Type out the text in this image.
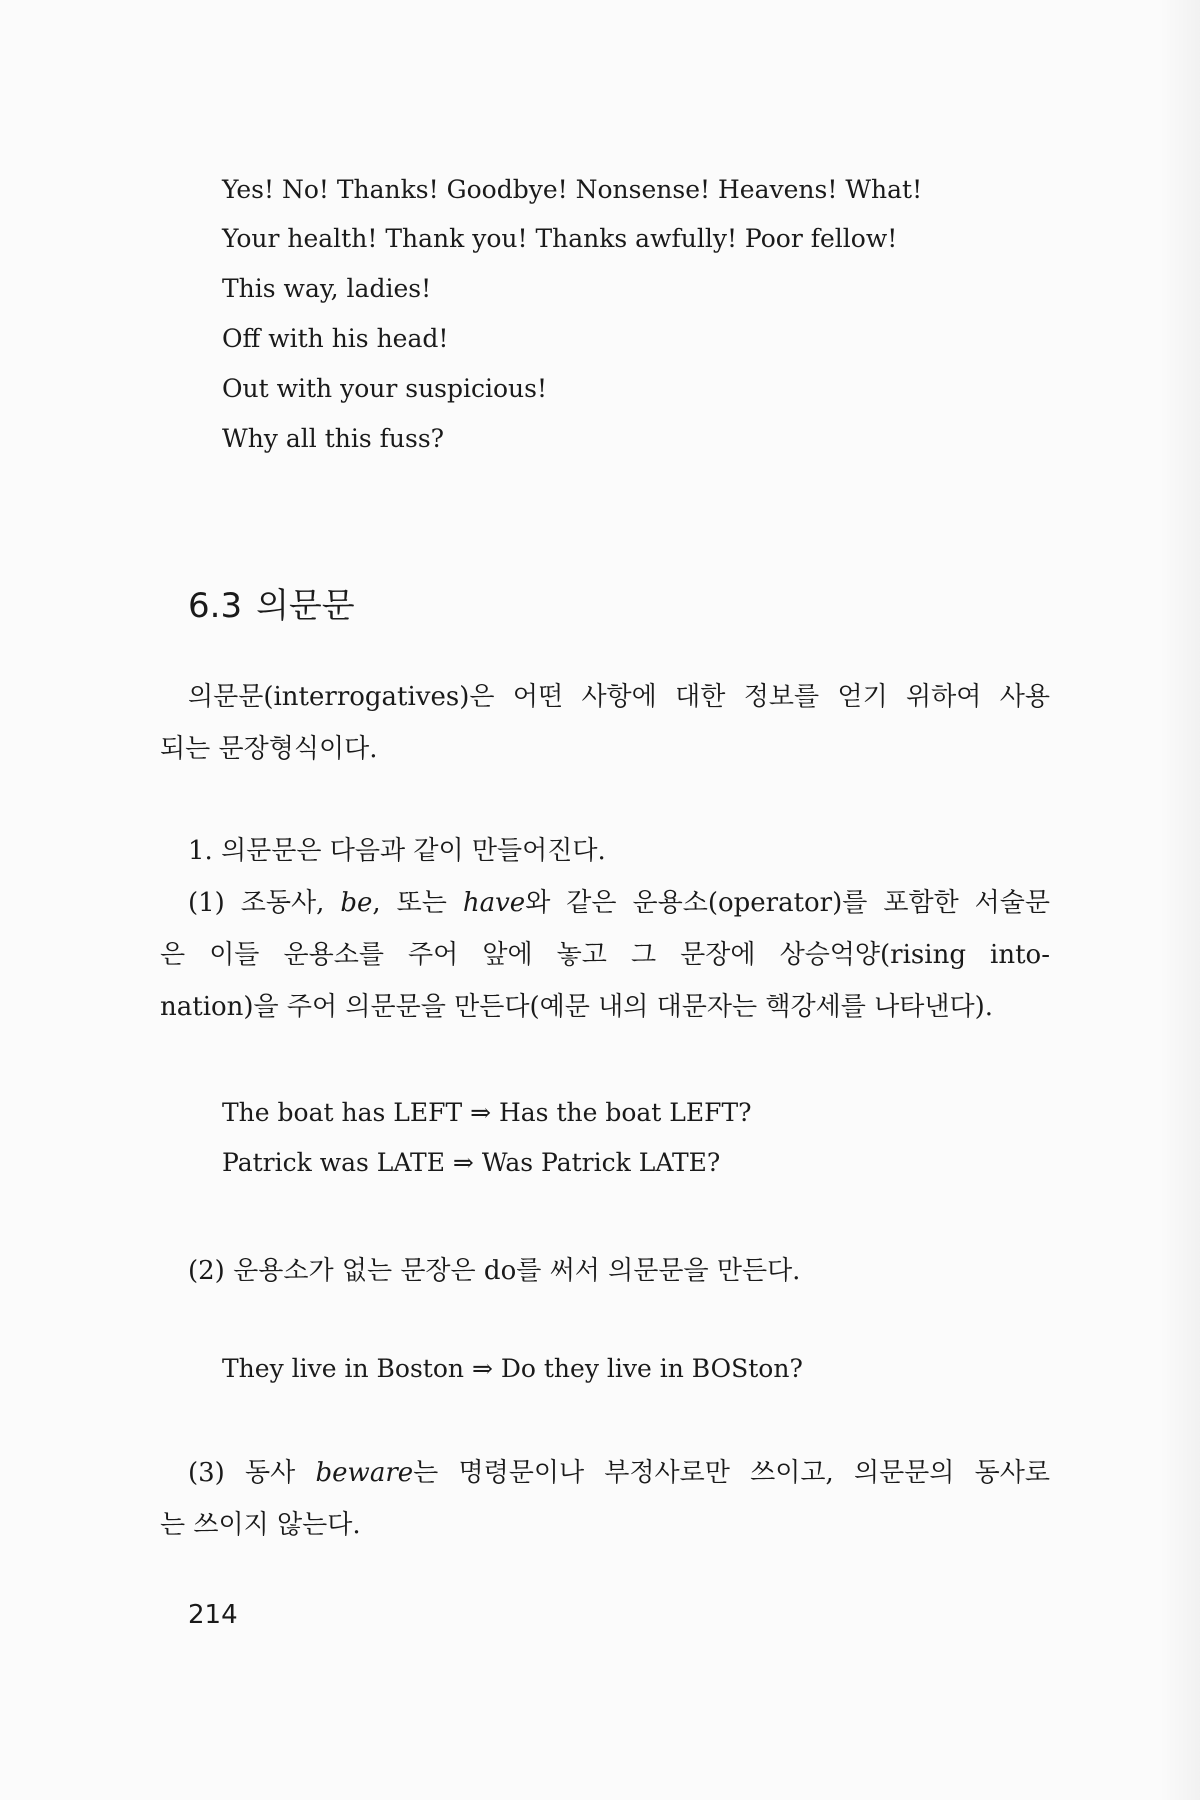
Yes! No! Thanks! Goodbye! Nonsense! Heavens! What!
Your health! Thank you! Thanks awfully! Poor fellow!
This way, ladies!
Off with his head!
Out with your suspicious!
Why all this fuss?
6.3 의문문
의문문(interrogatives)은 어떤 사항에 대한 정보를 얻기 위하여 사용
되는 문장형식이다.
1. 의문문은 다음과 같이 만들어진다.
(1) 조동사, be, 또는 have와 같은 운용소(operator)를 포함한 서술문
은 이들 운용소를 주어 앞에 놓고 그 문장에 상승억양(rising into-
nation)을 주어 의문문을 만든다(예문 내의 대문자는 핵강세를 나타낸다).
The boat has LEFT ⇒ Has the boat LEFT?
Patrick was LATE ⇒ Was Patrick LATE?
(2) 운용소가 없는 문장은 do를 써서 의문문을 만든다.
They live in Boston ⇒ Do they live in BOSton?
(3) 동사 beware는 명령문이나 부정사로만 쓰이고, 의문문의 동사로
는 쓰이지 않는다.
214
